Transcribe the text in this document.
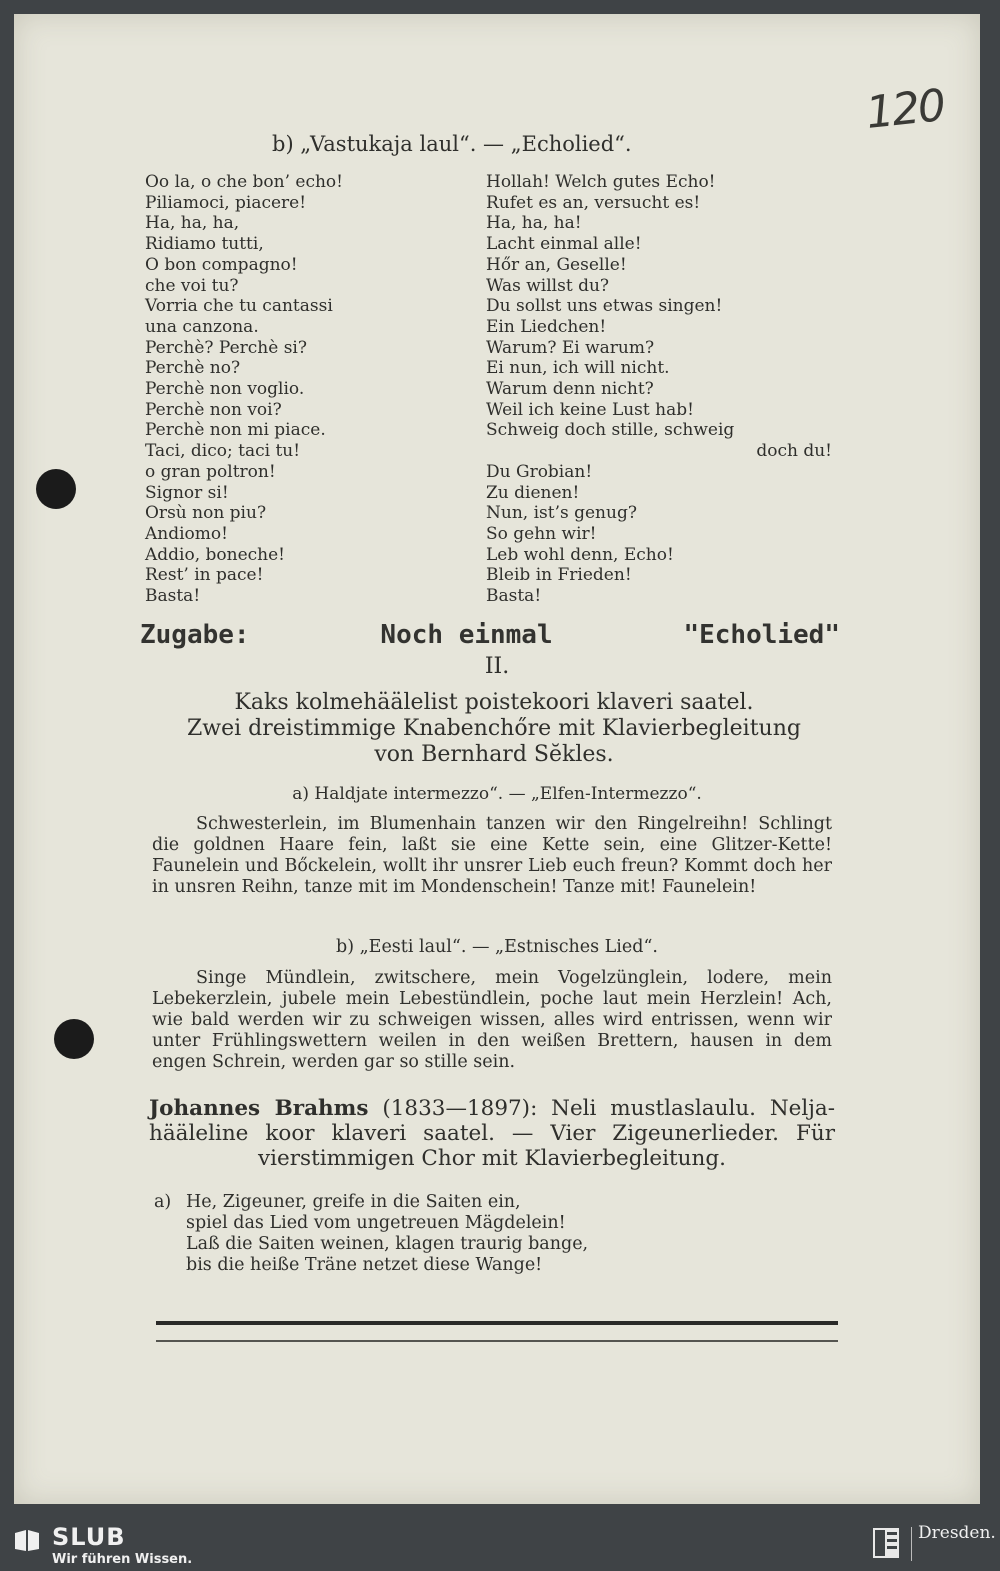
120
b) „Vastukaja laul“. — „Echolied“.
Oo la, o che bon’ echo!
Piliamoci, piacere!
Ha, ha, ha,
Ridiamo tutti,
O bon compagno!
che voi tu?
Vorria che tu cantassi
una canzona.
Perchè? Perchè si?
Perchè no?
Perchè non voglio.
Perchè non voi?
Perchè non mi piace.
Taci, dico; taci tu!
o gran poltron!
Signor si!
Orsù non piu?
Andiomo!
Addio, boneche!
Rest’ in pace!
Basta!
Hollah! Welch gutes Echo!
Rufet es an, versucht es!
Ha, ha, ha!
Lacht einmal alle!
Hőr an, Geselle!
Was willst du?
Du sollst uns etwas singen!
Ein Liedchen!
Warum? Ei warum?
Ei nun, ich will nicht.
Warum denn nicht?
Weil ich keine Lust hab!
Schweig doch stille, schweig
doch du!
Du Grobian!
Zu dienen!
Nun, ist’s genug?
So gehn wir!
Leb wohl denn, Echo!
Bleib in Frieden!
Basta!
Zugabe:	Noch einmal	"Echolied"
II.
Kaks kolmehäälelist poistekoori klaveri saatel.
Zwei dreistimmige Knabenchőre mit Klavierbegleitung
von Bernhard Sĕkles.
a) Haldjate intermezzo“. — „Elfen-Intermezzo“.
Schwesterlein, im Blumenhain tanzen wir den Ringelreihn! Schlingt die goldnen Haare fein, laßt sie eine Kette sein, eine Glitzer-Kette! Faunelein und Bőckelein, wollt ihr unsrer Lieb euch freun? Kommt doch her in unsren Reihn, tanze mit im Mondenschein! Tanze mit! Faunelein!
b) „Eesti laul“. — „Estnisches Lied“.
Singe Mündlein, zwitschere, mein Vogelzünglein, lodere, mein Lebekerzlein, jubele mein Lebestündlein, poche laut mein Herzlein! Ach, wie bald werden wir zu schweigen wissen, alles wird entrissen, wenn wir unter Frühlingswettern weilen in den weißen Brettern, hausen in dem engen Schrein, werden gar so stille sein.
Johannes Brahms (1833—1897): Neli mustlaslaulu. Nelja-
hääleline koor klaveri saatel. — Vier Zigeunerlieder. Für
vierstimmigen Chor mit Klavierbegleitung.
a) He, Zigeuner, greife in die Saiten ein,
spiel das Lied vom ungetreuen Mägdelein!
Laß die Saiten weinen, klagen traurig bange,
bis die heiße Träne netzet diese Wange!
SLUB
Wir führen Wissen.
Dresden.
